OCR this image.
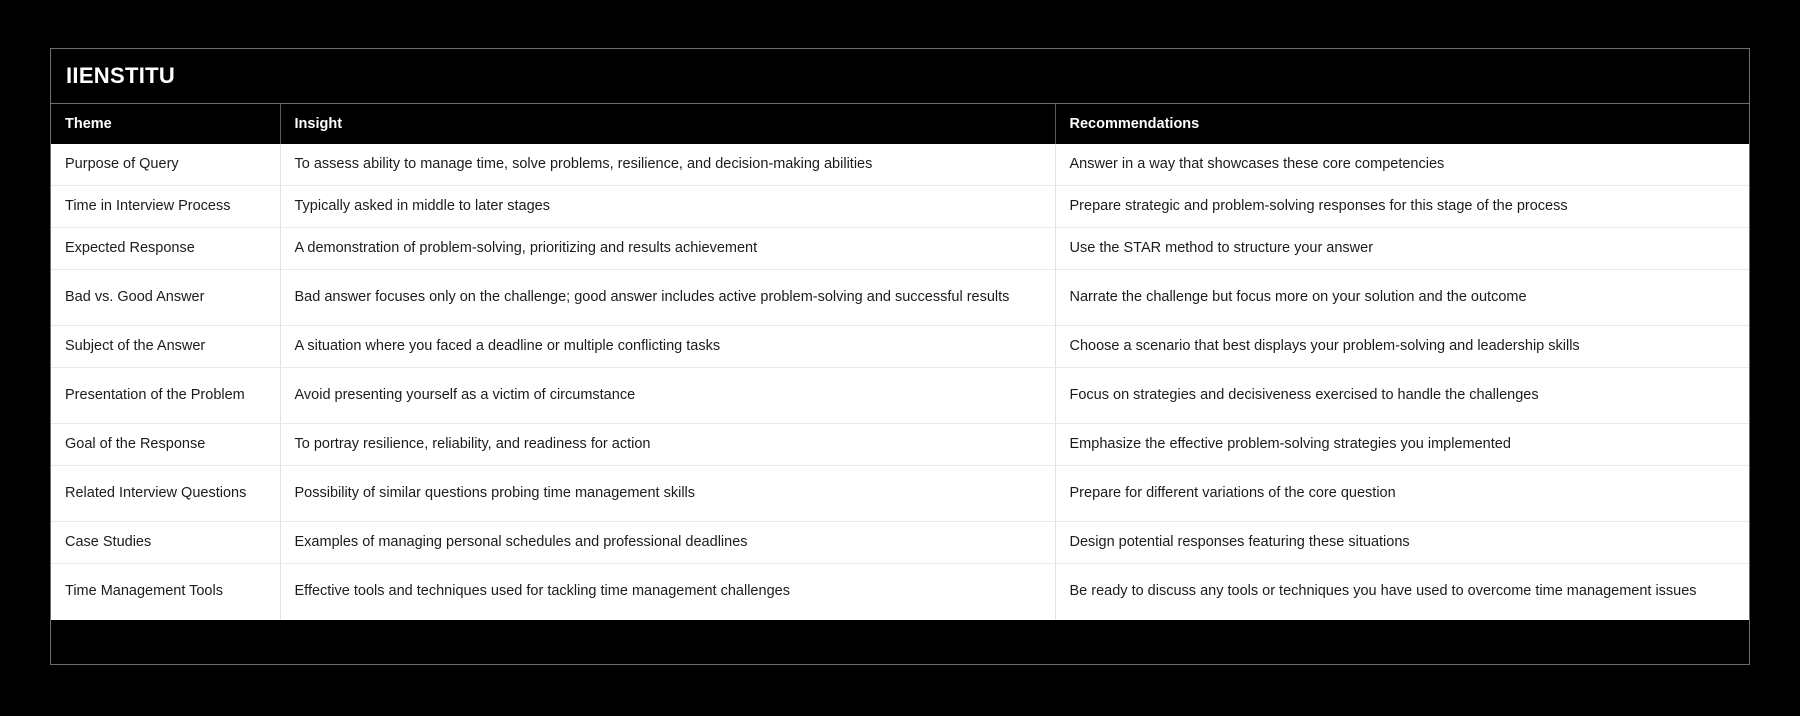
IIENSTITU
Theme	Insight	Recommendations
Purpose of Query	To assess ability to manage time, solve problems, resilience, and decision-making abilities	Answer in a way that showcases these core competencies
Time in Interview Process	Typically asked in middle to later stages	Prepare strategic and problem-solving responses for this stage of the process
Expected Response	A demonstration of problem-solving, prioritizing and results achievement	Use the STAR method to structure your answer
Bad vs. Good Answer	Bad answer focuses only on the challenge; good answer includes active problem-solving and successful results	Narrate the challenge but focus more on your solution and the outcome
Subject of the Answer	A situation where you faced a deadline or multiple conflicting tasks	Choose a scenario that best displays your problem-solving and leadership skills
Presentation of the Problem	Avoid presenting yourself as a victim of circumstance	Focus on strategies and decisiveness exercised to handle the challenges
Goal of the Response	To portray resilience, reliability, and readiness for action	Emphasize the effective problem-solving strategies you implemented
Related Interview Questions	Possibility of similar questions probing time management skills	Prepare for different variations of the core question
Case Studies	Examples of managing personal schedules and professional deadlines	Design potential responses featuring these situations
Time Management Tools	Effective tools and techniques used for tackling time management challenges	Be ready to discuss any tools or techniques you have used to overcome time management issues
